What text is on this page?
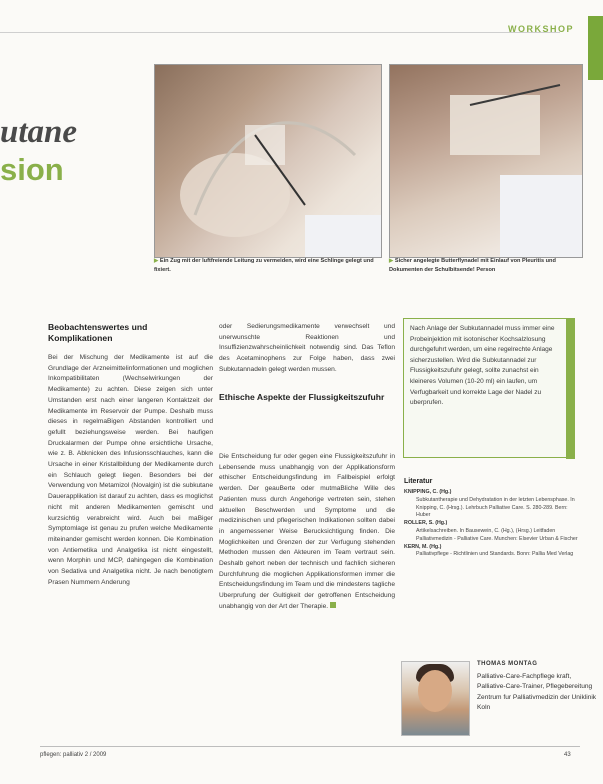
WORKSHOP
utane
sion
▶ Ein Zug mit der luftfreiende Leitung zu vermeiden, wird eine Schlinge gelegt und fixiert.
▶ Sicher angelegte Butterflynadel mit Einlauf von Pleuritis und Dokumenten der Schulbitsende! Person
Beobachtenswertes und Komplikationen

Bei der Mischung der Medikamente ist auf die Grundlage der Arzneimittelinformationen und moglichen Inkompatibilitaten (Wechselwirkungen der Medikamente) zu achten. Diese zeigen sich unter Umstanden erst nach einer langeren Kontaktzeit der Medikamente im Reservoir der Pumpe. Deshalb muss dieses in regelmaBigen Abstanden kontrolliert und gefullt beziehungsweise werden. Bei haufigen Druckalarmen der Pumpe ohne ersichtliche Ursache, wie z. B. Abknicken des Infusionsschlauches, kann die Ursache in einer Kristallbildung der Medikamente durch ein Schlauch gelegt liegen. Besonders bei der Verwendung von Metamizol (Novalgin) ist die subkutane Dauerapplikation ist darauf zu achten, dass es moglichst nicht mit anderen Medikamenten gemischt und kurzsichtig verabreicht wird. Auch bei maBiger Symptomlage ist genau zu prufen welche Medikamente miteinander gemischt werden konnen. Die Kombination von Antiemetika und Analgetika ist nicht eingestellt, wenn Morphin und MCP, dahingegen die Kombination von Sedativa und Analgetika nicht. Je nach benotigtem Prasen Nummern Anderung

oder Sedierungsmedikamente verwechselt und unerwunschte Reaktionen und Insuffizienzwahrscheinlichkeit notwendig sind. Das Teflon des Acetaminophens zur Folge haben, dass zwei Subkutannadeln gelegt werden mussen.

Ethische Aspekte der Flussigkeitszufuhr

Die Entscheidung fur oder gegen eine Flussigkeitszufuhr in Lebensende muss unabhangig von der Applikationsform ethischer Entscheidungsfindung im Fallbeispiel erfolgt werden. Der geauBerte oder mutmaBliche Wille des Patienten muss durch Angehorige vertreten sein, stehen aktuellen Beschwerden und Symptome und die medizinischen und pflegerischen Indikationen sollten dabei in angemessener Weise Berucksichtigung finden. Die Moglichkeiten und Grenzen der zur Verfugung stehenden Methoden mussen den Akteuren im Team vertraut sein. Deshalb gehort neben der technisch und fachlich sicheren Durchfuhrung die moglichen Applikationsformen immer die Entscheidungsfindung im Team und die mindestens tagliche Uberprufung der Gultigkeit der getroffenen Entscheidung unabhangig von der Art der Therapie.

Nach Anlage der Subkutannadel muss immer eine Probeinjektion mit isotonischer Kochsalzlosung durchgefuhrt werden, um eine regelrechte Anlage sicherzustellen. Wird die Subkutannadel zur Flussigkeitszufuhr gelegt, sollte zunachst ein kleineres Volumen (10-20 ml) ein laufen, um Verfugbarkeit und korrekte Lage der Nadel zu uberprufen.

Literatur
KNIPPING, C. (Hg.)
Subkutantherapie und Dehydratation in der letzten Lebensphase. In Knipping, C. (Hrsg.). Lehrbuch Palliative Care. S. 280-289. Bern: Huber
ROLLER, S. (Hg.)
Artikelsachreiben. In Bausewein, C. (Hg.), (Hrsg.) Leitfaden Palliativmedizin - Palliative Care. Munchen: Elsevier Urban & Fischer
KERN, M. (Hg.)
Palliativpflege - Richtlinien und Standards. Bonn: Pallia Med Verlag
THOMAS MONTAG
Palliative-Care-Fachpflege kraft, Palliative-Care-Trainer, Pflegebereitung Zentrum fur Palliativmedizin der Uniklinik Koln
pflegen: palliativ 2 / 2009	43
